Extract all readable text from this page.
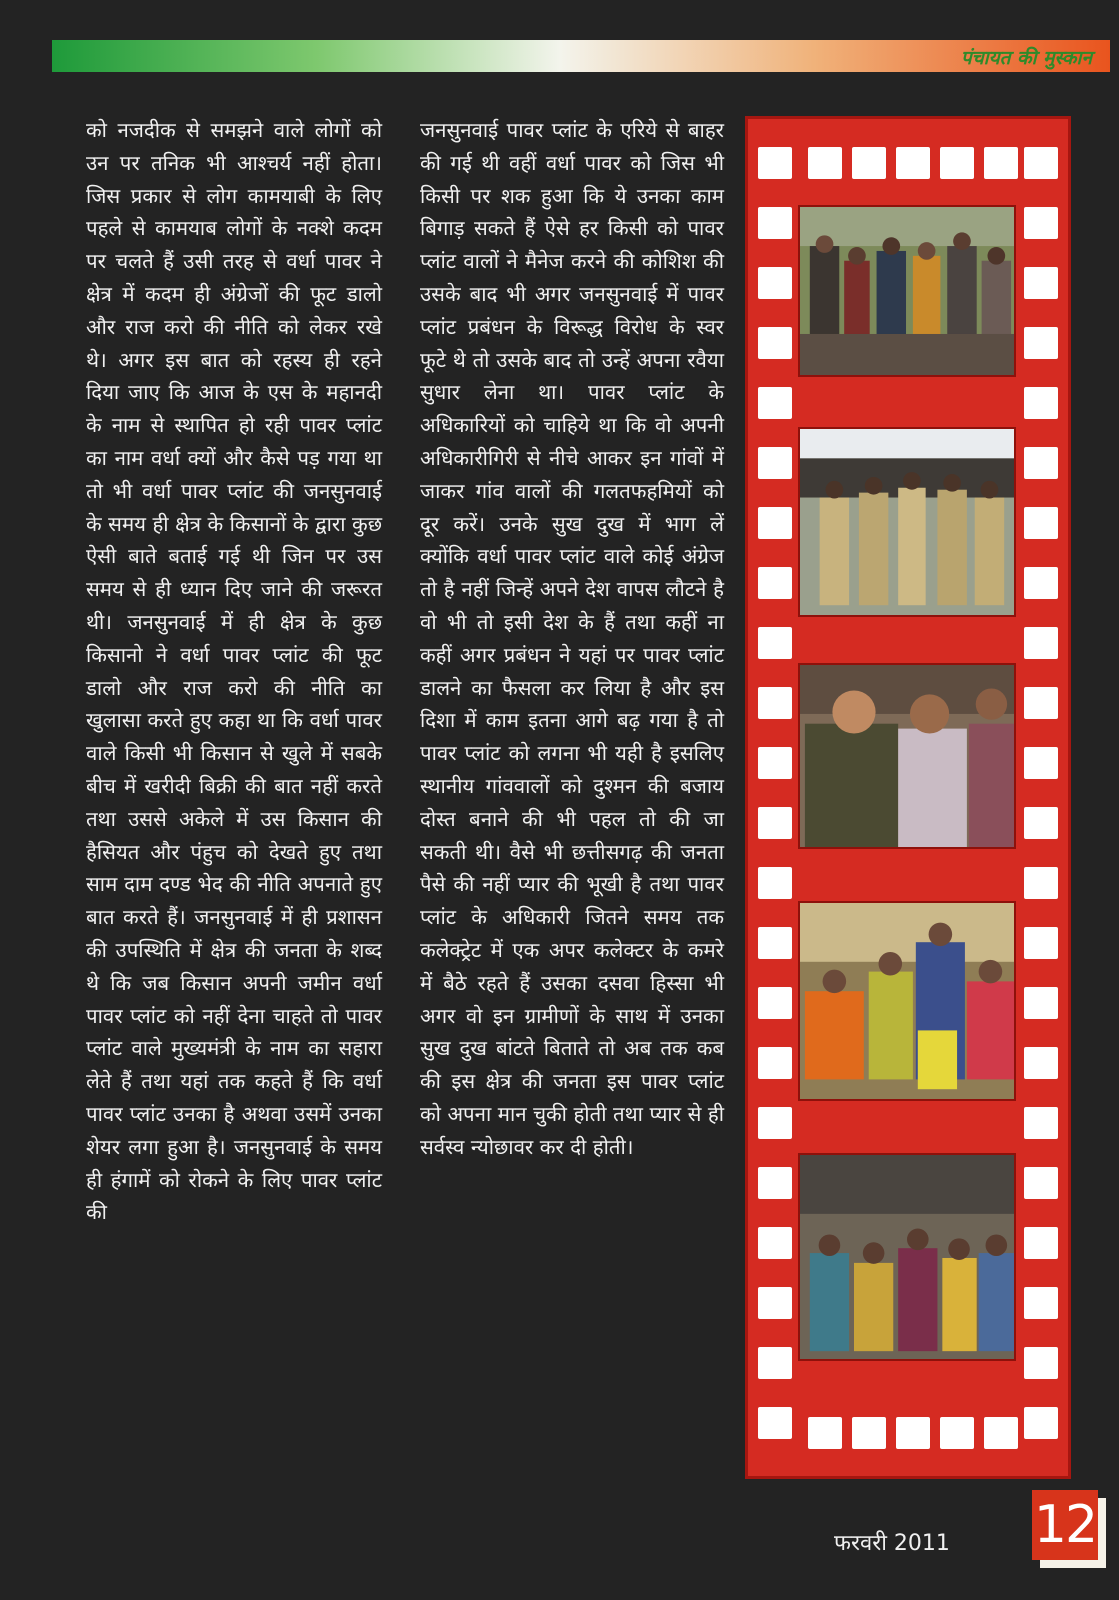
पंचायत की मुस्कान
को नजदीक से समझने वाले लोगों को उन पर तनिक भी आश्चर्य नहीं होता। जिस प्रकार से लोग कामयाबी के लिए पहले से कामयाब लोगों के नक्शे कदम पर चलते हैं उसी तरह से वर्धा पावर ने क्षेत्र में कदम ही अंग्रेजों की फूट डालो और राज करो की नीति को लेकर रखे थे। अगर इस बात को रहस्य ही रहने दिया जाए कि आज के एस के महानदी के नाम से स्थापित हो रही पावर प्लांट का नाम वर्धा क्यों और कैसे पड़ गया था तो भी वर्धा पावर प्लांट की जनसुनवाई के समय ही क्षेत्र के किसानों के द्वारा कुछ ऐसी बाते बताई गई थी जिन पर उस समय से ही ध्यान दिए जाने की जरूरत थी। जनसुनवाई में ही क्षेत्र के कुछ किसानो ने वर्धा पावर प्लांट की फूट डालो और राज करो की नीति का खुलासा करते हुए कहा था कि वर्धा पावर वाले किसी भी किसान से खुले में सबके बीच में खरीदी बिक्री की बात नहीं करते तथा उससे अकेले में उस किसान की हैसियत और पंहुच को देखते हुए तथा साम दाम दण्ड भेद की नीति अपनाते हुए बात करते हैं। जनसुनवाई में ही प्रशासन की उपस्थिति में क्षेत्र की जनता के शब्द थे कि जब किसान अपनी जमीन वर्धा पावर प्लांट को नहीं देना चाहते तो पावर प्लांट वाले मुख्यमंत्री के नाम का सहारा लेते हैं तथा यहां तक कहते हैं कि वर्धा पावर प्लांट उनका है अथवा उसमें उनका शेयर लगा हुआ है। जनसुनवाई के समय ही हंगामें को रोकने के लिए पावर प्लांट की
जनसुनवाई पावर प्लांट के एरिये से बाहर की गई थी वहीं वर्धा पावर को जिस भी किसी पर शक हुआ कि ये उनका काम बिगाड़ सकते हैं ऐसे हर किसी को पावर प्लांट वालों ने मैनेज करने की कोशिश की उसके बाद भी अगर जनसुनवाई में पावर प्लांट प्रबंधन के विरूद्ध विरोध के स्वर फूटे थे तो उसके बाद तो उन्हें अपना रवैया सुधार लेना था। पावर प्लांट के अधिकारियों को चाहिये था कि वो अपनी अधिकारीगिरी से नीचे आकर इन गांवों में जाकर गांव वालों की गलतफहमियों को दूर करें। उनके सुख दुख में भाग लें क्योंकि वर्धा पावर प्लांट वाले कोई अंग्रेज तो है नहीं जिन्हें अपने देश वापस लौटने है वो भी तो इसी देश के हैं तथा कहीं ना कहीं अगर प्रबंधन ने यहां पर पावर प्लांट डालने का फैसला कर लिया है और इस दिशा में काम इतना आगे बढ़ गया है तो पावर प्लांट को लगना भी यही है इसलिए स्थानीय गांववालों को दुश्मन की बजाय दोस्त बनाने की भी पहल तो की जा सकती थी। वैसे भी छत्तीसगढ़ की जनता पैसे की नहीं प्यार की भूखी है तथा पावर प्लांट के अधिकारी जितने समय तक कलेक्ट्रेट में एक अपर कलेक्टर के कमरे में बैठे रहते हैं उसका दसवा हिस्सा भी अगर वो इन ग्रामीणों के साथ में उनका सुख दुख बांटते बिताते तो अब तक कब की इस क्षेत्र की जनता इस पावर प्लांट को अपना मान चुकी होती तथा प्यार से ही सर्वस्व न्योछावर कर दी होती।
12
फरवरी 2011
